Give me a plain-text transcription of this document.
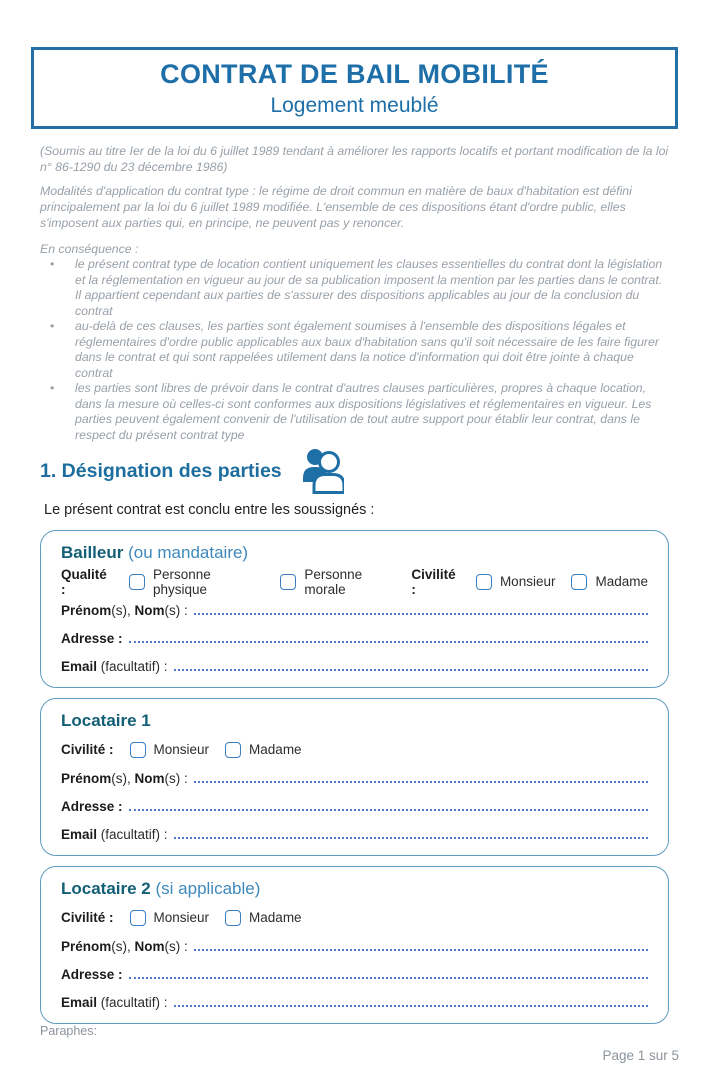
CONTRAT DE BAIL MOBILITÉ
Logement meublé

(Soumis au titre Ier de la loi du 6 juillet 1989 tendant à améliorer les rapports locatifs et portant modification de la loi n° 86-1290 du 23 décembre 1986)

Modalités d'application du contrat type : le régime de droit commun en matière de baux d'habitation est défini principalement par la loi du 6 juillet 1989 modifiée. L'ensemble de ces dispositions étant d'ordre public, elles s'imposent aux parties qui, en principe, ne peuvent pas y renoncer.

En conséquence :

• le présent contrat type de location contient uniquement les clauses essentielles du contrat dont la législation et la réglementation en vigueur au jour de sa publication imposent la mention par les parties dans le contrat. Il appartient cependant aux parties de s'assurer des dispositions applicables au jour de la conclusion du contrat
• au-delà de ces clauses, les parties sont également soumises à l'ensemble des dispositions légales et réglementaires d'ordre public applicables aux baux d'habitation sans qu'il soit nécessaire de les faire figurer dans le contrat et qui sont rappelées utilement dans la notice d'information qui doit être jointe à chaque contrat
• les parties sont libres de prévoir dans le contrat d'autres clauses particulières, propres à chaque location, dans la mesure où celles-ci sont conformes aux dispositions législatives et réglementaires en vigueur. Les parties peuvent également convenir de l'utilisation de tout autre support pour établir leur contrat, dans le respect du présent contrat type
1. Désignation des parties

Le présent contrat est conclu entre les soussignés :

Bailleur (ou mandataire)
Qualité :
Personne physique
Personne morale
Civilité :	Monsieur	Madame
Prénom(s), Nom(s) :
Adresse :
Email (facultatif) :
Locataire 1
Civilité :	Monsieur	Madame
Prénom(s), Nom(s) :
Adresse :
Email (facultatif) :
Locataire 2 (si applicable)
Civilité :	Monsieur	Madame
Prénom(s), Nom(s) :
Adresse :
Email (facultatif) :
Paraphes:
Page 1 sur 5
